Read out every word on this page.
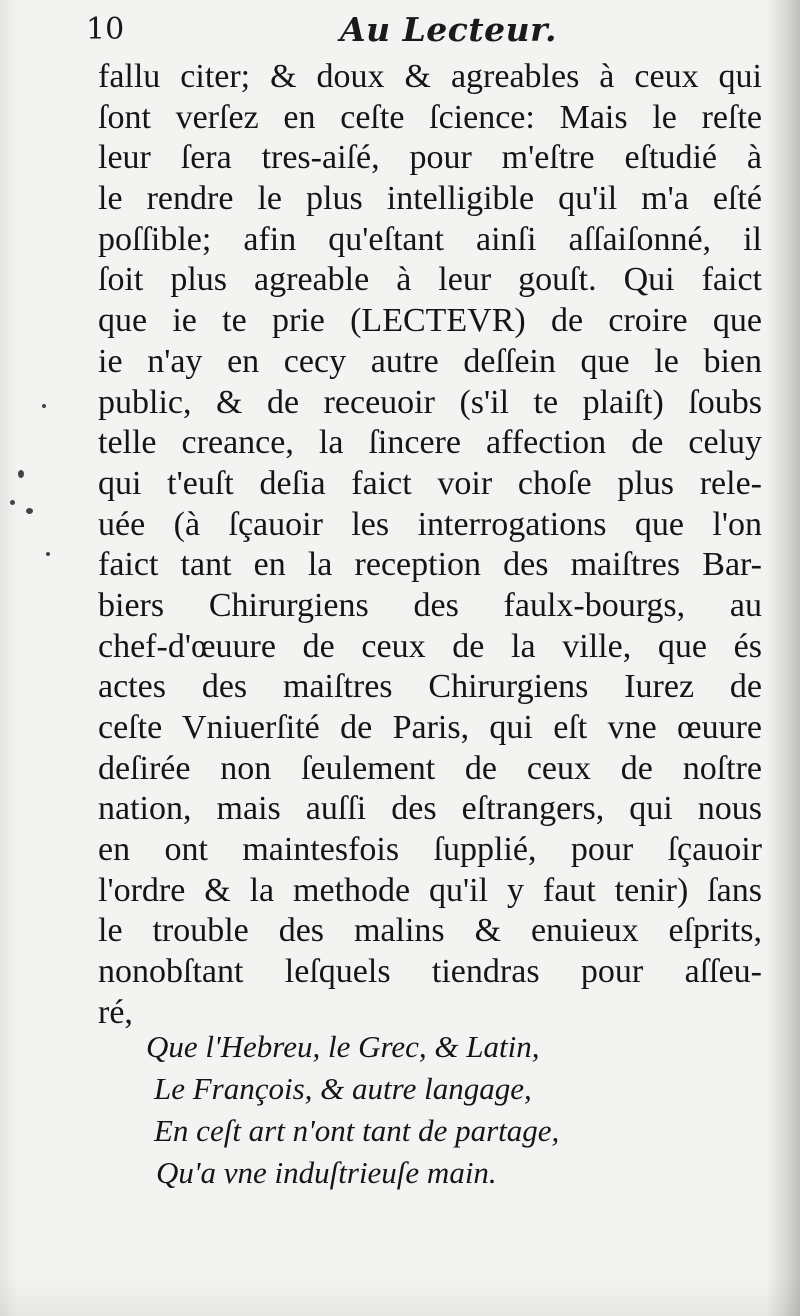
10	Au Lecteur.

fallu citer; & doux & agreables à ceux qui
ſont verſez en ceſte ſcience: Mais le reſte
leur ſera tres-aiſé, pour m'eſtre eſtudié à
le rendre le plus intelligible qu'il m'a eſté
poſſible; afin qu'eſtant ainſi aſſaiſonné, il
ſoit plus agreable à leur gouſt. Qui faict
que ie te prie (LECTEVR) de croire que
ie n'ay en cecy autre deſſein que le bien
public, & de receuoir (s'il te plaiſt) ſoubs
telle creance, la ſincere affection de celuy
qui t'euſt deſia faict voir choſe plus rele-
uée (à ſçauoir les interrogations que l'on
faict tant en la reception des maiſtres Bar-
biers Chirurgiens des faulx-bourgs, au
chef-d'œuure de ceux de la ville, que és
actes des maiſtres Chirurgiens Iurez de
ceſte Vniuerſité de Paris, qui eſt vne œuure
deſirée non ſeulement de ceux de noſtre
nation, mais auſſi des eſtrangers, qui nous
en ont maintesfois ſupplié, pour ſçauoir
l'ordre & la methode qu'il y faut tenir) ſans
le trouble des malins & enuieux eſprits,
nonobſtant leſquels tiendras pour aſſeu-
ré,
Que l'Hebreu, le Grec, & Latin,
Le François, & autre langage,
En ceſt art n'ont tant de partage,
Qu'a vne induſtrieuſe main.
